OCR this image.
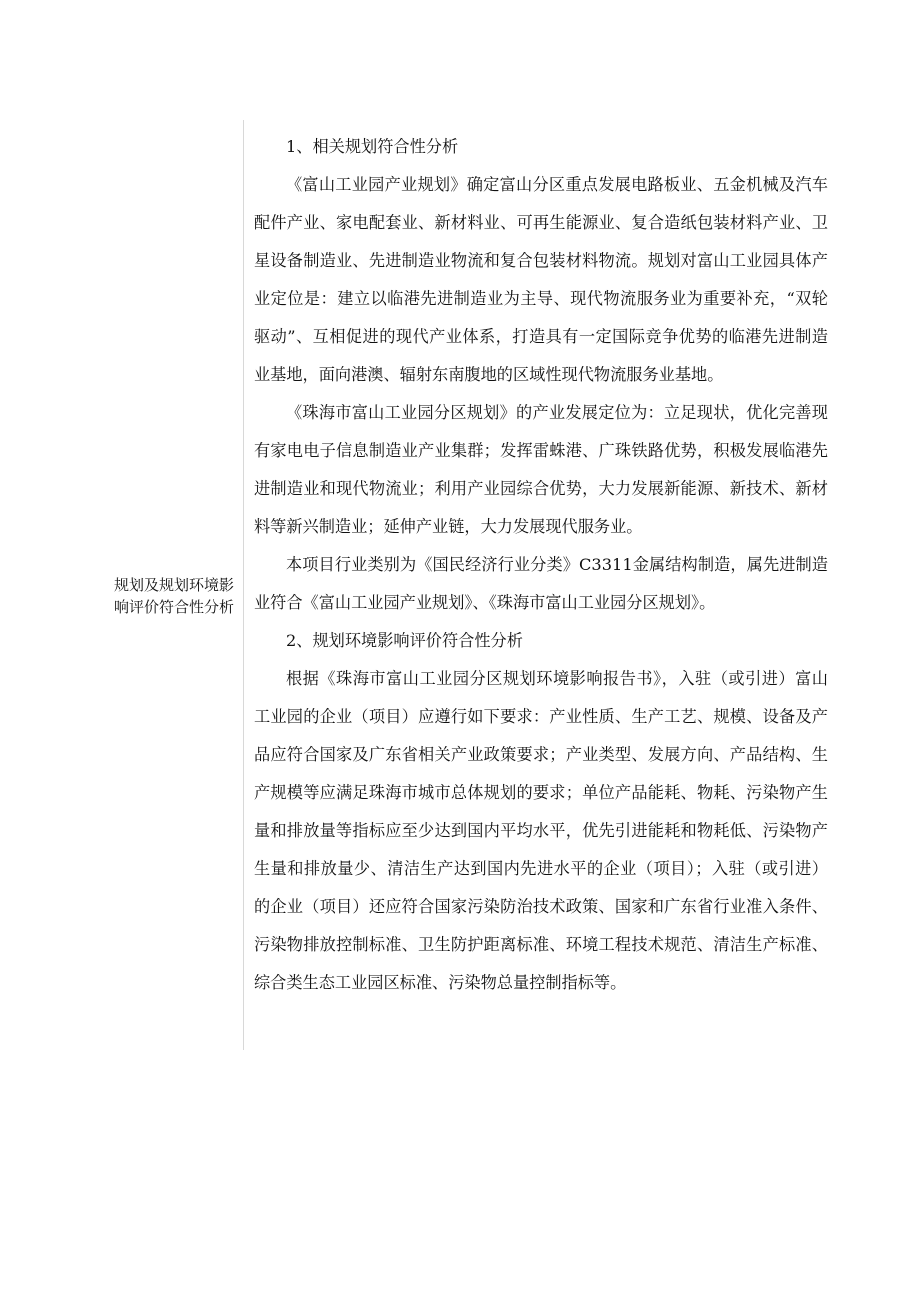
规划及规划环境影响评价符合性分析

1、相关规划符合性分析

《富山工业园产业规划》确定富山分区重点发展电路板业、五金机械及汽车配件产业、家电配套业、新材料业、可再生能源业、复合造纸包装材料产业、卫星设备制造业、先进制造业物流和复合包装材料物流。规划对富山工业园具体产业定位是：建立以临港先进制造业为主导、现代物流服务业为重要补充，“双轮驱动”、互相促进的现代产业体系，打造具有一定国际竞争优势的临港先进制造业基地，面向港澳、辐射东南腹地的区域性现代物流服务业基地。

《珠海市富山工业园分区规划》的产业发展定位为：立足现状，优化完善现有家电电子信息制造业产业集群；发挥雷蛛港、广珠铁路优势，积极发展临港先进制造业和现代物流业；利用产业园综合优势，大力发展新能源、新技术、新材料等新兴制造业；延伸产业链，大力发展现代服务业。

本项目行业类别为《国民经济行业分类》C3311金属结构制造，属先进制造业符合《富山工业园产业规划》、《珠海市富山工业园分区规划》。

2、规划环境影响评价符合性分析

根据《珠海市富山工业园分区规划环境影响报告书》，入驻（或引进）富山工业园的企业（项目）应遵行如下要求：产业性质、生产工艺、规模、设备及产品应符合国家及广东省相关产业政策要求；产业类型、发展方向、产品结构、生产规模等应满足珠海市城市总体规划的要求；单位产品能耗、物耗、污染物产生量和排放量等指标应至少达到国内平均水平，优先引进能耗和物耗低、污染物产生量和排放量少、清洁生产达到国内先进水平的企业（项目）；入驻（或引进）的企业（项目）还应符合国家污染防治技术政策、国家和广东省行业准入条件、污染物排放控制标准、卫生防护距离标准、环境工程技术规范、清洁生产标准、综合类生态工业园区标准、污染物总量控制指标等。
